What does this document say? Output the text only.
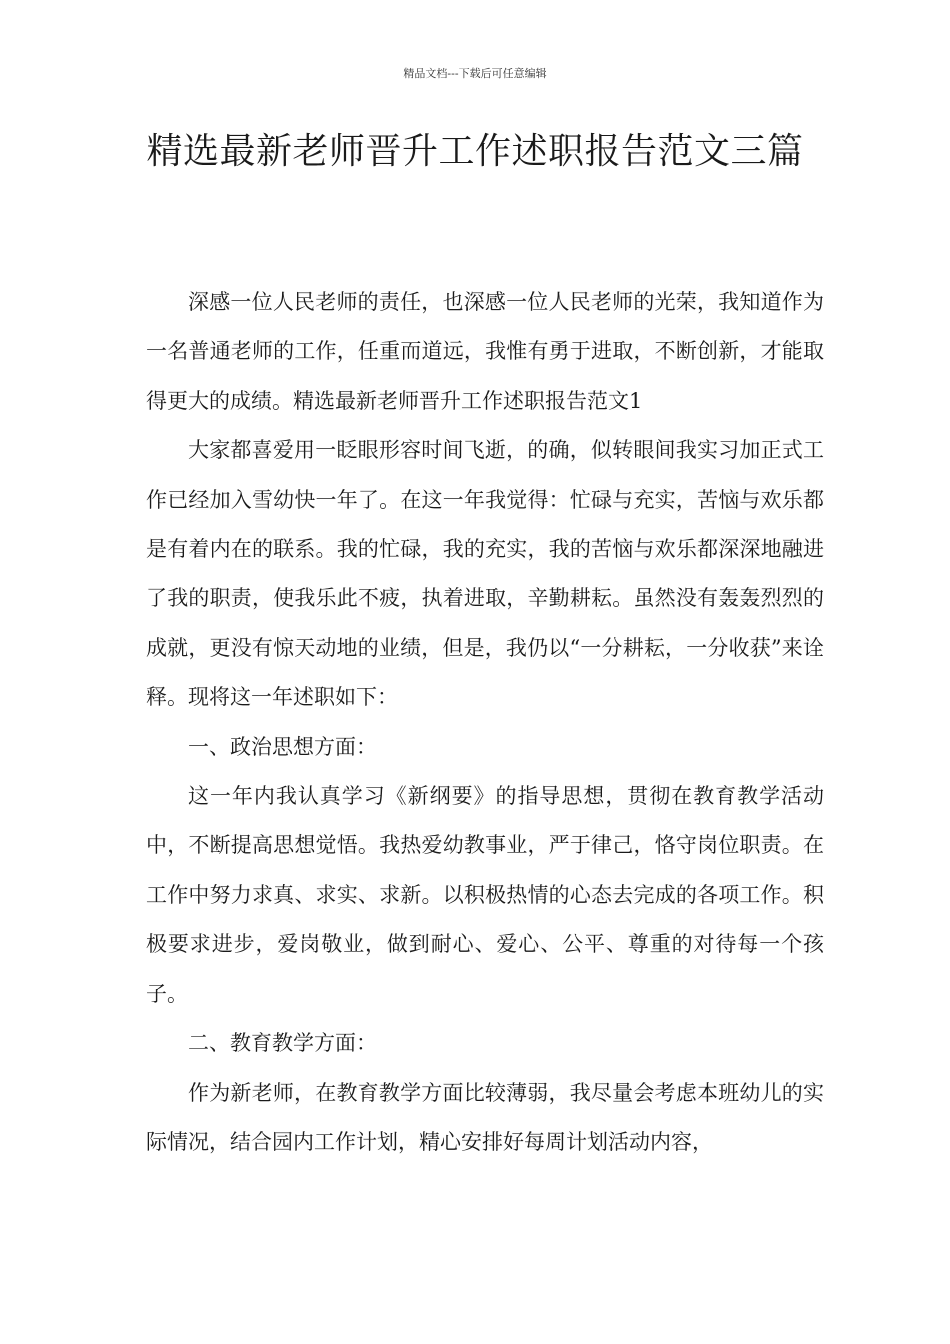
精品文档---下载后可任意编辑
精选最新老师晋升工作述职报告范文三篇

深感一位人民老师的责任，也深感一位人民老师的光荣，我知道作为一名普通老师的工作，任重而道远，我惟有勇于进取，不断创新，才能取得更大的成绩。精选最新老师晋升工作述职报告范文1

大家都喜爱用一眨眼形容时间飞逝，的确，似转眼间我实习加正式工作已经加入雪幼快一年了。在这一年我觉得：忙碌与充实，苦恼与欢乐都是有着内在的联系。我的忙碌，我的充实，我的苦恼与欢乐都深深地融进了我的职责，使我乐此不疲，执着进取，辛勤耕耘。虽然没有轰轰烈烈的成就，更没有惊天动地的业绩，但是，我仍以“一分耕耘，一分收获”来诠释。现将这一年述职如下：

一、政治思想方面：

这一年内我认真学习《新纲要》的指导思想，贯彻在教育教学活动中，不断提高思想觉悟。我热爱幼教事业，严于律己，恪守岗位职责。在工作中努力求真、求实、求新。以积极热情的心态去完成的各项工作。积极要求进步，爱岗敬业，做到耐心、爱心、公平、尊重的对待每一个孩子。

二、教育教学方面：

作为新老师，在教育教学方面比较薄弱，我尽量会考虑本班幼儿的实际情况，结合园内工作计划，精心安排好每周计划活动内容，
